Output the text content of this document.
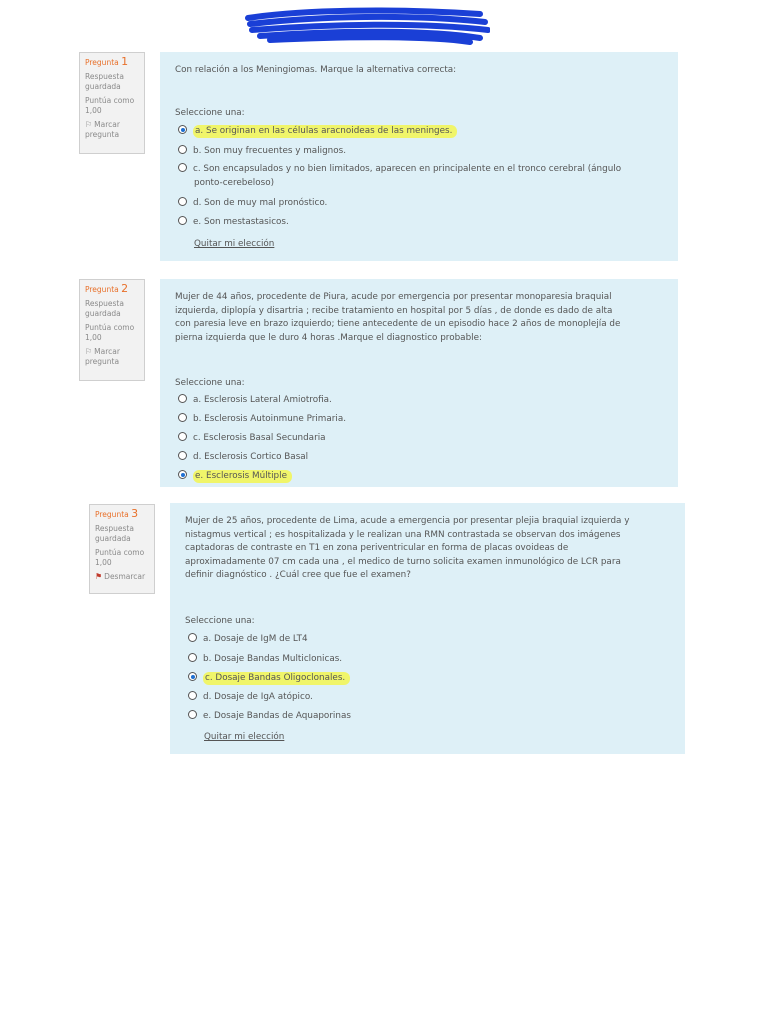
Pregunta 1
Respuesta guardada
Puntúa como 1,00
⚐ Marcar pregunta
Con relación a los Meningiomas. Marque la alternativa correcta:
Seleccione una:
a. Se originan en las células aracnoideas de las meninges.
b. Son muy frecuentes y malignos.
c. Son encapsulados y no bien limitados, aparecen en principalente en el tronco cerebral (ángulo
ponto-cerebeloso)
d. Son de muy mal pronóstico.
e. Son mestastasicos.
Quitar mi elección
Pregunta 2
Respuesta guardada
Puntúa como 1,00
⚐ Marcar pregunta
Mujer de 44 años, procedente de Piura, acude por emergencia por presentar monoparesia braquial
izquierda, diplopía y disartria ; recibe tratamiento en hospital por 5 días , de donde es dado de alta
con paresia leve en brazo izquierdo; tiene antecedente de un episodio hace 2 años de monoplejía de
pierna izquierda que le duro 4 horas .Marque el diagnostico probable:
Seleccione una:
a. Esclerosis Lateral Amiotrofia.
b. Esclerosis Autoinmune Primaria.
c. Esclerosis Basal Secundaria
d. Esclerosis Cortico Basal
e. Esclerosis Múltiple
Pregunta 3
Respuesta guardada
Puntúa como 1,00
⚑ Desmarcar
Mujer de 25 años, procedente de Lima, acude a emergencia por presentar plejia braquial izquierda y
nistagmus vertical ; es hospitalizada y le realizan una RMN contrastada se observan dos imágenes
captadoras de contraste en T1 en zona periventricular en forma de placas ovoideas de
aproximadamente 07 cm cada una , el medico de turno solicita examen inmunológico de LCR para
definir diagnóstico . ¿Cuál cree que fue el examen?
Seleccione una:
a. Dosaje de IgM de LT4
b. Dosaje Bandas Multiclonicas.
c. Dosaje Bandas Oligoclonales.
d. Dosaje de IgA atópico.
e. Dosaje Bandas de Aquaporinas
Quitar mi elección
